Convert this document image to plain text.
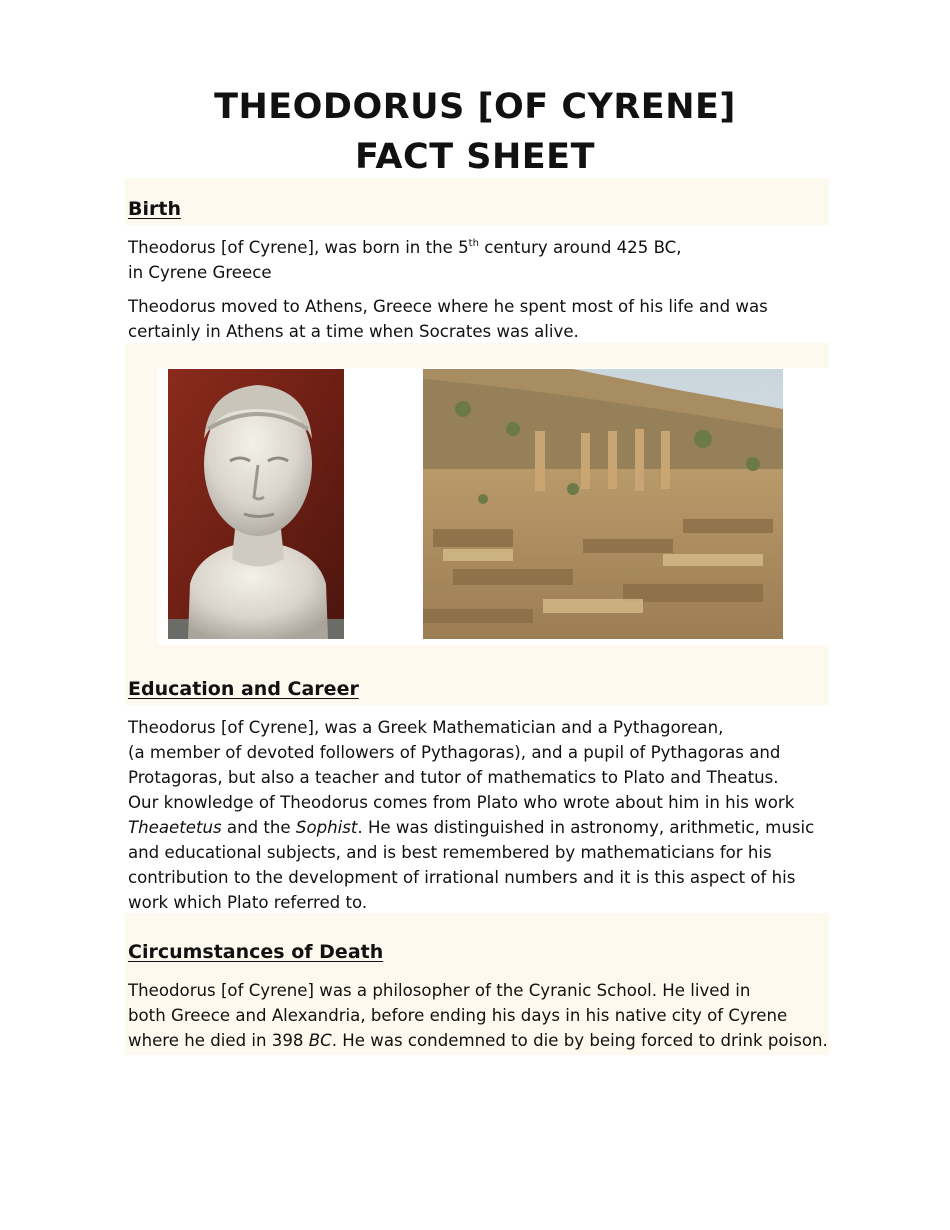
THEODORUS [OF CYRENE]
FACT SHEET
Birth
Theodorus [of Cyrene], was born in the 5th century around 425 BC,
in Cyrene Greece
Theodorus moved to Athens, Greece where he spent most of his life and was
certainly in Athens at a time when Socrates was alive.
Education and Career
Theodorus [of Cyrene], was a Greek Mathematician and a Pythagorean,
(a member of devoted followers of Pythagoras), and a pupil of Pythagoras and
Protagoras, but also a teacher and tutor of mathematics to Plato and Theatus.
Our knowledge of Theodorus comes from Plato who wrote about him in his work
Theaetetus and the Sophist. He was distinguished in astronomy, arithmetic, music
and educational subjects, and is best remembered by mathematicians for his
contribution to the development of irrational numbers and it is this aspect of his
work which Plato referred to.
Circumstances of Death
Theodorus [of Cyrene] was a philosopher of the Cyranic School. He lived in
both Greece and Alexandria, before ending his days in his native city of Cyrene
where he died in 398 BC. He was condemned to die by being forced to drink poison.
